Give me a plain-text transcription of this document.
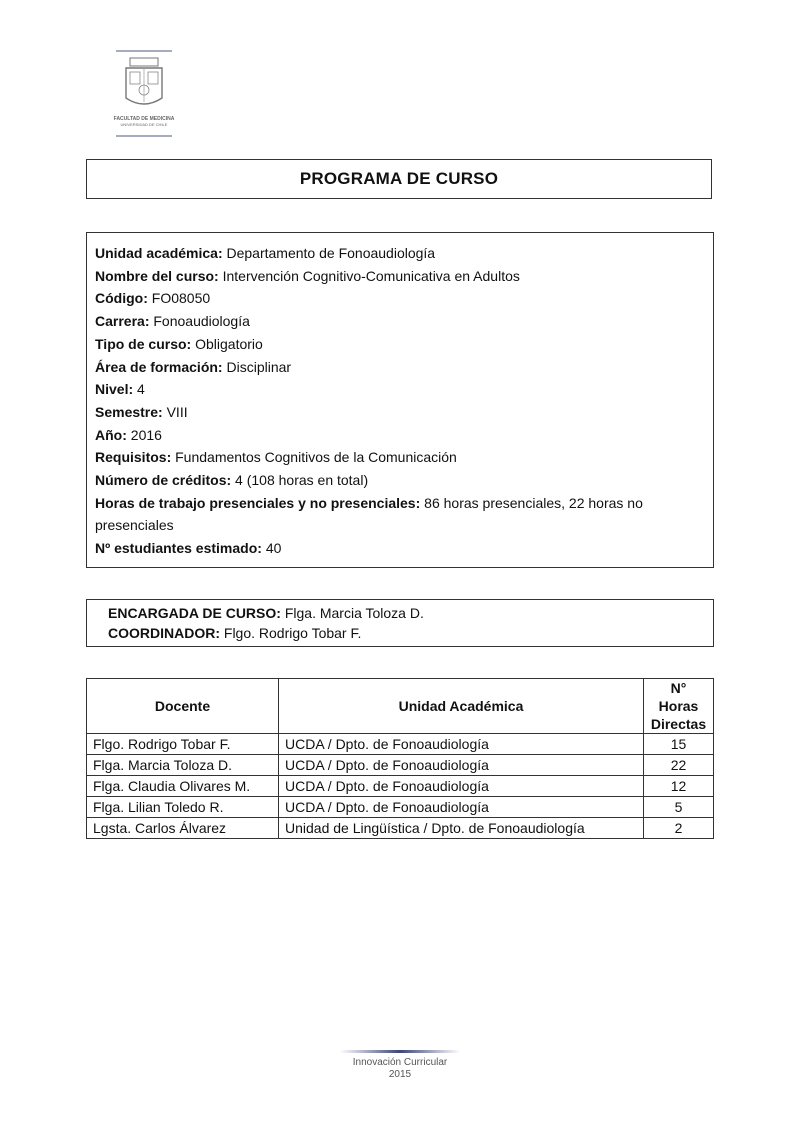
FACULTAD DE MEDICINA
UNIVERSIDAD DE CHILE
PROGRAMA DE CURSO
Unidad académica: Departamento de Fonoaudiología
Nombre del curso: Intervención Cognitivo-Comunicativa en Adultos
Código: FO08050
Carrera: Fonoaudiología
Tipo de curso: Obligatorio
Área de formación: Disciplinar
Nivel: 4
Semestre: VIII
Año: 2016
Requisitos: Fundamentos Cognitivos de la Comunicación
Número de créditos: 4 (108 horas en total)
Horas de trabajo presenciales y no presenciales: 86 horas presenciales, 22 horas no presenciales
Nº estudiantes estimado: 40
ENCARGADA DE CURSO: Flga. Marcia Toloza D.
COORDINADOR: Flgo. Rodrigo Tobar F.
Docente	Unidad Académica	N° Horas Directas
Flgo. Rodrigo Tobar F.	UCDA / Dpto. de Fonoaudiología	15
Flga. Marcia Toloza D.	UCDA / Dpto. de Fonoaudiología	22
Flga. Claudia Olivares M.	UCDA / Dpto. de Fonoaudiología	12
Flga. Lilian Toledo R.	UCDA / Dpto. de Fonoaudiología	5
Lgsta. Carlos Álvarez	Unidad de Lingüística / Dpto. de Fonoaudiología	2
Innovación Curricular
2015
